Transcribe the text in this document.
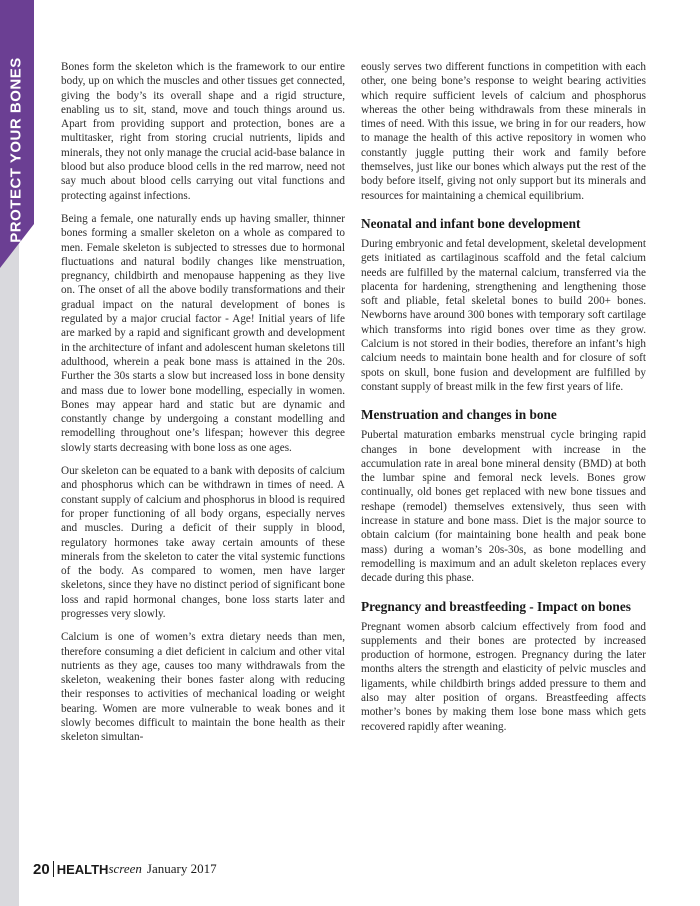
PROTECT YOUR BONES	Bones form the skeleton which is the framework to our entire body, up on which the muscles and other tissues get connected, giving the body’s its overall shape and a rigid structure, enabling us to sit, stand, move and touch things around us. Apart from providing support and protection, bones are a multitasker, right from storing crucial nutrients, lipids and minerals, they not only manage the crucial acid-base balance in blood but also produce blood cells in the red marrow, need not say much about blood cells carrying out vital functions and protecting against infections.

Being a female, one naturally ends up having smaller, thinner bones forming a smaller skeleton on a whole as compared to men. Female skeleton is subjected to stresses due to hormonal fluctuations and natural bodily changes like menstruation, pregnancy, childbirth and menopause happening as they live on. The onset of all the above bodily transformations and their gradual impact on the natural development of bones is regulated by a major crucial factor - Age! Initial years of life are marked by a rapid and significant growth and development in the architecture of infant and adolescent human skeletons till adulthood, wherein a peak bone mass is attained in the 20s. Further the 30s starts a slow but increased loss in bone density and mass due to lower bone modelling, especially in women. Bones may appear hard and static but are dynamic and constantly change by undergoing a constant modelling and remodelling throughout one’s lifespan; however this degree slowly starts decreasing with bone loss as one ages.

Our skeleton can be equated to a bank with deposits of calcium and phosphorus which can be withdrawn in times of need. A constant supply of calcium and phosphorus in blood is required for proper functioning of all body organs, especially nerves and muscles. During a deficit of their supply in blood, regulatory hormones take away certain amounts of these minerals from the skeleton to cater the vital systemic functions of the body. As compared to women, men have larger skeletons, since they have no distinct period of significant bone loss and rapid hormonal changes, bone loss starts later and progresses very slowly.

Calcium is one of women’s extra dietary needs than men, therefore consuming a diet deficient in calcium and other vital nutrients as they age, causes too many withdrawals from the skeleton, weakening their bones faster along with reducing their responses to activities of mechanical loading or weight bearing. Women are more vulnerable to weak bones and it slowly becomes difficult to maintain the bone health as their skeleton simultan-

eously serves two different functions in competition with each other, one being bone’s response to weight bearing activities which require sufficient levels of calcium and phosphorus whereas the other being withdrawals from these minerals in times of need. With this issue, we bring in for our readers, how to manage the health of this active repository in women who constantly juggle putting their work and family before themselves, just like our bones which always put the rest of the body before itself, giving not only support but its minerals and resources for maintaining a chemical equilibrium.

Neonatal and infant bone development

During embryonic and fetal development, skeletal development gets initiated as cartilaginous scaffold and the fetal calcium needs are fulfilled by the maternal calcium, transferred via the placenta for hardening, strengthening and lengthening those soft and pliable, fetal skeletal bones to build 200+ bones. Newborns have around 300 bones with temporary soft cartilage which transforms into rigid bones over time as they grow. Calcium is not stored in their bodies, therefore an infant’s high calcium needs to maintain bone health and for closure of soft spots on skull, bone fusion and development are fulfilled by constant supply of breast milk in the few first years of life.

Menstruation and changes in bone

Pubertal maturation embarks menstrual cycle bringing rapid changes in bone development with increase in the accumulation rate in areal bone mineral density (BMD) at both the lumbar spine and femoral neck levels. Bones grow continually, old bones get replaced with new bone tissues and reshape (remodel) themselves extensively, thus seen with increase in stature and bone mass. Diet is the major source to obtain calcium (for maintaining bone health and peak bone mass) during a woman’s 20s-30s, as bone modelling and remodelling is maximum and an adult skeleton replaces every decade during this phase.

Pregnancy and breastfeeding - Impact on bones

Pregnant women absorb calcium effectively from food and supplements and their bones are protected by increased production of hormone, estrogen. Pregnancy during the later months alters the strength and elasticity of pelvic muscles and ligaments, while childbirth brings added pressure to them and also may alter position of organs. Breastfeeding affects mother’s bones by making them lose bone mass which gets recovered rapidly after weaning.

20 HEALTH screen January 2017
